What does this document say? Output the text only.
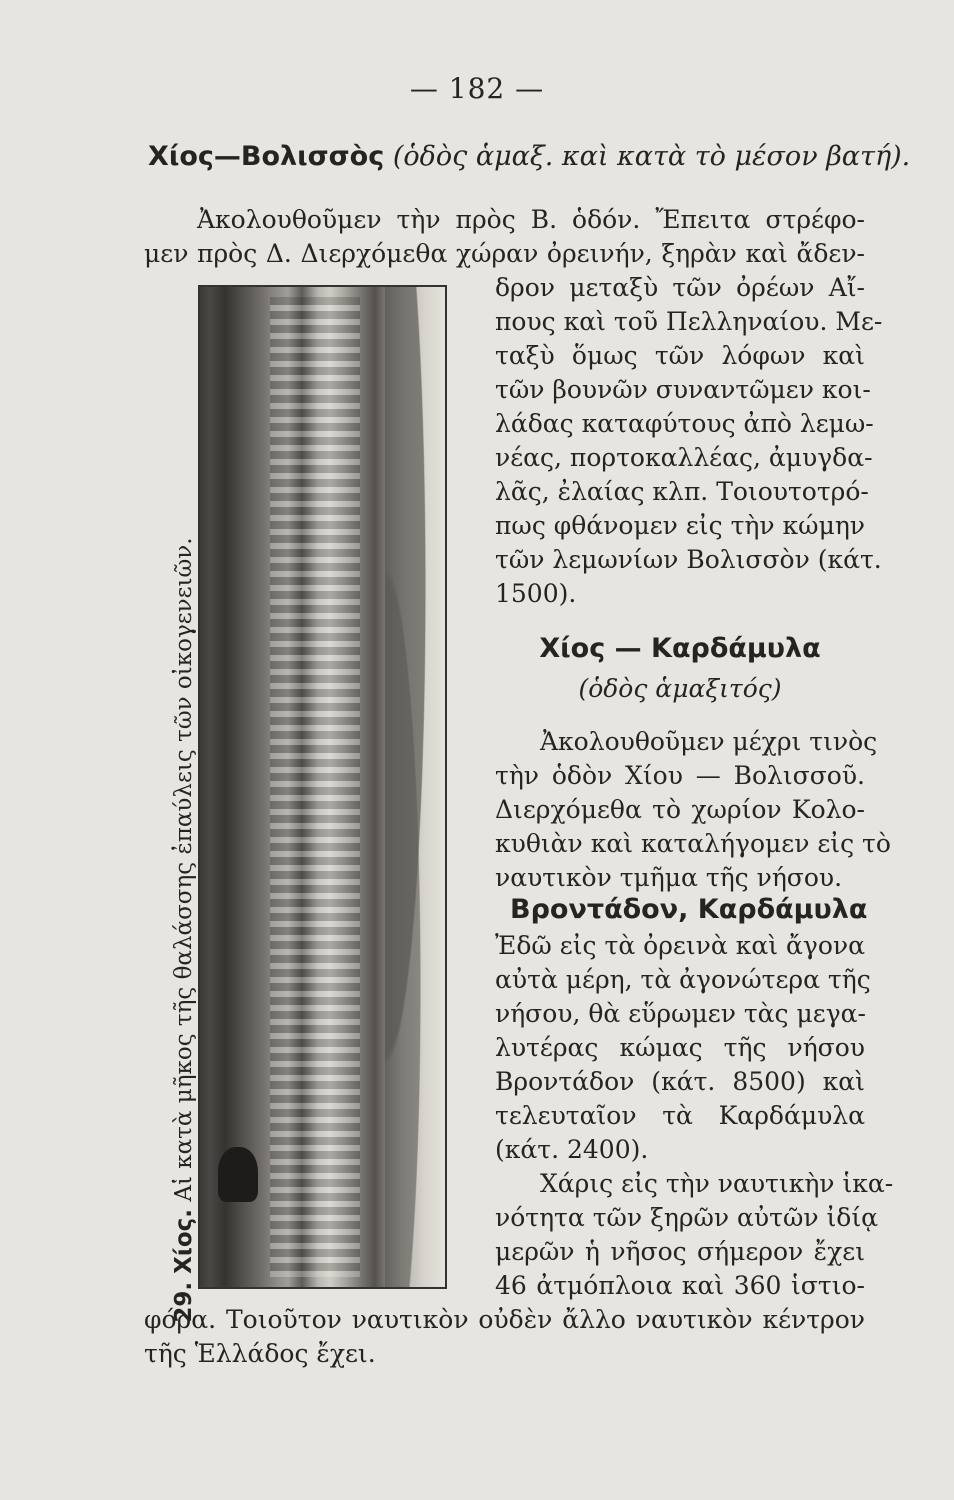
— 182 —
Χίος—Βολισσὸς (ὁδὸς ἁμαξ. καὶ κατὰ τὸ μέσον βατή).
Ἀκολουθοῦμεν τὴν πρὸς Β. ὁδόν. Ἔπειτα στρέφο-
μεν πρὸς Δ. Διερχόμεθα χώραν ὀρεινήν, ξηρὰν καὶ ἄδεν-
δρον μεταξὺ τῶν ὀρέων Αἴ-
πους καὶ τοῦ Πελληναίου. Με-
ταξὺ ὅμως τῶν λόφων καὶ
τῶν βουνῶν συναντῶμεν κοι-
λάδας καταφύτους ἀπὸ λεμω-
νέας, πορτοκαλλέας, ἀμυγδα-
λᾶς, ἐλαίας κλπ. Τοιουτοτρό-
πως φθάνομεν εἰς τὴν κώμην
τῶν λεμωνίων Βολισσὸν (κάτ.
1500).
Χίος — Καρδάμυλα
(ὁδὸς ἁμαξιτός)
Ἀκολουθοῦμεν μέχρι τινὸς
τὴν ὁδὸν Χίου — Βολισσοῦ.
Διερχόμεθα τὸ χωρίον Κολο-
κυθιὰν καὶ καταλήγομεν εἰς τὸ
ναυτικὸν τμῆμα τῆς νήσου.
Βροντάδον, Καρδάμυλα
Ἐδῶ εἰς τὰ ὀρεινὰ καὶ ἄγονα
αὐτὰ μέρη, τὰ ἀγονώτερα τῆς
νήσου, θὰ εὕρωμεν τὰς μεγα-
λυτέρας κώμας τῆς νήσου
Βροντάδον (κάτ. 8500) καὶ
τελευταῖον τὰ Καρδάμυλα
(κάτ. 2400).
Χάρις εἰς τὴν ναυτικὴν ἱκα-
νότητα τῶν ξηρῶν αὐτῶν ἰδίᾳ
μερῶν ἡ νῆσος σήμερον ἔχει
46 ἀτμόπλοια καὶ 360 ἱστιο-
φόρα. Τοιοῦτον ναυτικὸν οὐδὲν ἄλλο ναυτικὸν κέντρον
τῆς Ἑλλάδος ἔχει.
29. Χίος. Αἱ κατὰ μῆκος τῆς θαλάσσης ἐπαύλεις τῶν οἰκογενειῶν.
